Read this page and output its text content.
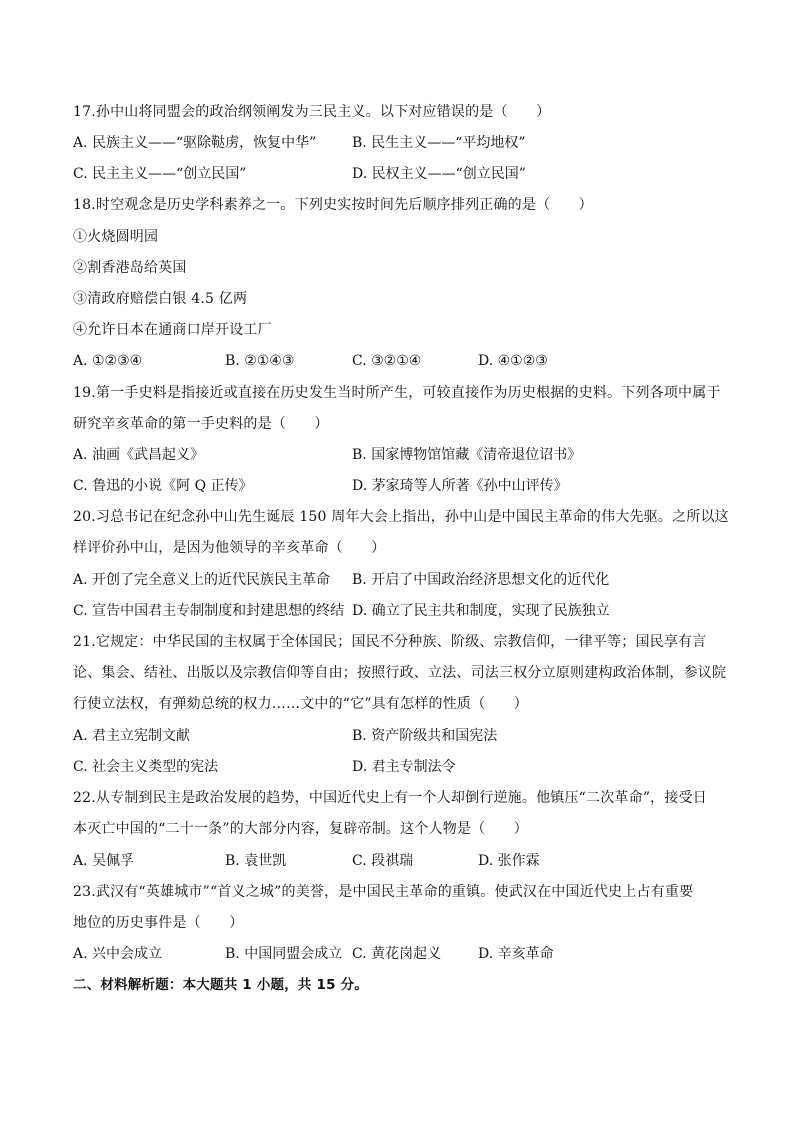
17.孙中山将同盟会的政治纲领阐发为三民主义。以下对应错误的是（　　）
A. 民族主义——“驱除鞑虏，恢复中华”	B. 民生主义——“平均地权”
C. 民主主义——“创立民国”	D. 民权主义——“创立民国”
18.时空观念是历史学科素养之一。下列史实按时间先后顺序排列正确的是（　　）
①火烧圆明园
②割香港岛给英国
③清政府赔偿白银 4.5 亿两
④允许日本在通商口岸开设工厂
A. ①②③④	B. ②①④③	C. ③②①④	D. ④①②③
19.第一手史料是指接近或直接在历史发生当时所产生，可较直接作为历史根据的史料。下列各项中属于
研究辛亥革命的第一手史料的是（　　）
A. 油画《武昌起义》	B. 国家博物馆馆藏《清帝退位诏书》
C. 鲁迅的小说《阿 Q 正传》	D. 茅家琦等人所著《孙中山评传》
20.习总书记在纪念孙中山先生诞辰 150 周年大会上指出，孙中山是中国民主革命的伟大先驱。之所以这
样评价孙中山，是因为他领导的辛亥革命（　　）
A. 开创了完全意义上的近代民族民主革命 B. 开启了中国政治经济思想文化的近代化
C. 宣告中国君主专制制度和封建思想的终结 D. 确立了民主共和制度，实现了民族独立
21.它规定：中华民国的主权属于全体国民；国民不分种族、阶级、宗教信仰，一律平等；国民享有言
论、集会、结社、出版以及宗教信仰等自由；按照行政、立法、司法三权分立原则建构政治体制，参议院
行使立法权，有弹劾总统的权力……文中的“它”具有怎样的性质（　　）
A. 君主立宪制文献	B. 资产阶级共和国宪法
C. 社会主义类型的宪法	D. 君主专制法令
22.从专制到民主是政治发展的趋势，中国近代史上有一个人却倒行逆施。他镇压“二次革命”，接受日
本灭亡中国的“二十一条”的大部分内容，复辟帝制。这个人物是（　　）
A. 吴佩孚	B. 袁世凯	C. 段祺瑞	D. 张作霖
23.武汉有“英雄城市”“首义之城”的美誉，是中国民主革命的重镇。使武汉在中国近代史上占有重要
地位的历史事件是（　　）
A. 兴中会成立	B. 中国同盟会成立 C. 黄花岗起义	D. 辛亥革命
二、材料解析题：本大题共 1 小题，共 15 分。
